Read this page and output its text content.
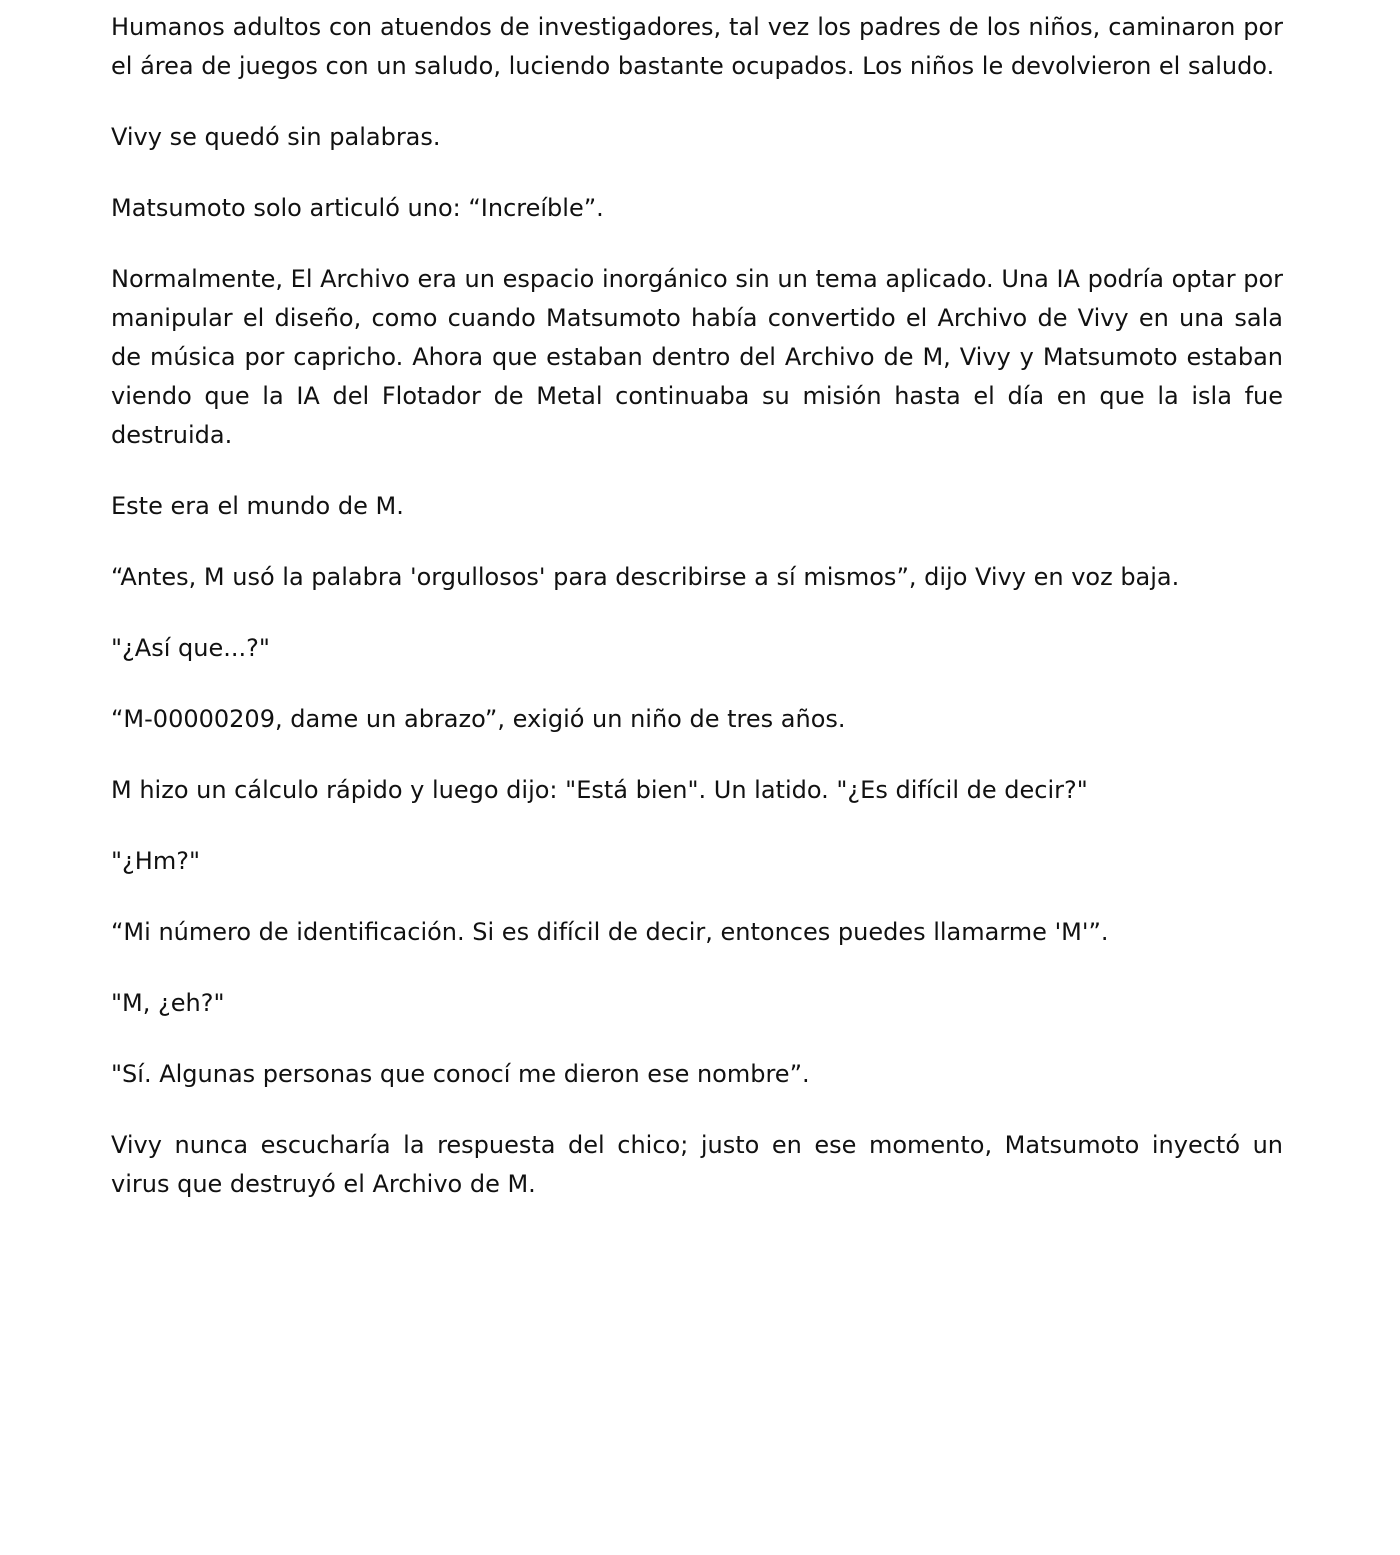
Humanos adultos con atuendos de investigadores, tal vez los padres de los niños, caminaron por el área de juegos con un saludo, luciendo bastante ocupados. Los niños le devolvieron el saludo.

Vivy se quedó sin palabras.

Matsumoto solo articuló uno: “Increíble”.

Normalmente, El Archivo era un espacio inorgánico sin un tema aplicado. Una IA podría optar por manipular el diseño, como cuando Matsumoto había convertido el Archivo de Vivy en una sala de música por capricho. Ahora que estaban dentro del Archivo de M, Vivy y Matsumoto estaban viendo que la IA del Flotador de Metal continuaba su misión hasta el día en que la isla fue destruida.

Este era el mundo de M.

“Antes, M usó la palabra 'orgullosos' para describirse a sí mismos”, dijo Vivy en voz baja.

"¿Así que...?"

“M-00000209, dame un abrazo”, exigió un niño de tres años.

M hizo un cálculo rápido y luego dijo: "Está bien". Un latido. "¿Es difícil de decir?"

"¿Hm?"

“Mi número de identificación. Si es difícil de decir, entonces puedes llamarme 'M'”.

"M, ¿eh?"

"Sí. Algunas personas que conocí me dieron ese nombre”.

Vivy nunca escucharía la respuesta del chico; justo en ese momento, Matsumoto inyectó un virus que destruyó el Archivo de M.
